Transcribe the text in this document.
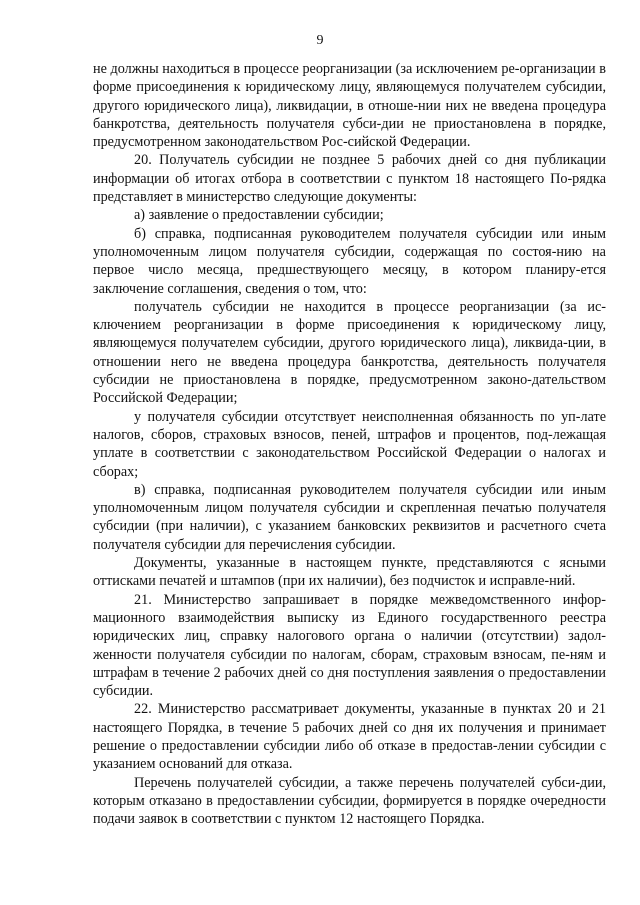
9

не должны находиться в процессе реорганизации (за исключением ре-организации в форме присоединения к юридическому лицу, являющемуся получателем субсидии, другого юридического лица), ликвидации, в отноше-нии них не введена процедура банкротства, деятельность получателя субси-дии не приостановлена в порядке, предусмотренном законодательством Рос-сийской Федерации.

20. Получатель субсидии не позднее 5 рабочих дней со дня публикации информации об итогах отбора в соответствии с пунктом 18 настоящего По-рядка представляет в министерство следующие документы:

а) заявление о предоставлении субсидии;

б) справка, подписанная руководителем получателя субсидии или иным уполномоченным лицом получателя субсидии, содержащая по состоя-нию на первое число месяца, предшествующего месяцу, в котором планиру-ется заключение соглашения, сведения о том, что:

получатель субсидии не находится в процессе реорганизации (за ис-ключением реорганизации в форме присоединения к юридическому лицу, являющемуся получателем субсидии, другого юридического лица), ликвида-ции, в отношении него не введена процедура банкротства, деятельность получателя субсидии не приостановлена в порядке, предусмотренном законо-дательством Российской Федерации;

у получателя субсидии отсутствует неисполненная обязанность по уп-лате налогов, сборов, страховых взносов, пеней, штрафов и процентов, под-лежащая уплате в соответствии с законодательством Российской Федерации о налогах и сборах;

в) справка, подписанная руководителем получателя субсидии или иным уполномоченным лицом получателя субсидии и скрепленная печатью получателя субсидии (при наличии), с указанием банковских реквизитов и расчетного счета получателя субсидии для перечисления субсидии.

Документы, указанные в настоящем пункте, представляются с ясными оттисками печатей и штампов (при их наличии), без подчисток и исправле-ний.

21. Министерство запрашивает в порядке межведомственного инфор-мационного взаимодействия выписку из Единого государственного реестра юридических лиц, справку налогового органа о наличии (отсутствии) задол-женности получателя субсидии по налогам, сборам, страховым взносам, пе-ням и штрафам в течение 2 рабочих дней со дня поступления заявления о предоставлении субсидии.

22. Министерство рассматривает документы, указанные в пунктах 20 и 21 настоящего Порядка, в течение 5 рабочих дней со дня их получения и принимает решение о предоставлении субсидии либо об отказе в предостав-лении субсидии с указанием оснований для отказа.

Перечень получателей субсидии, а также перечень получателей субси-дии, которым отказано в предоставлении субсидии, формируется в порядке очередности подачи заявок в соответствии с пунктом 12 настоящего Порядка.
